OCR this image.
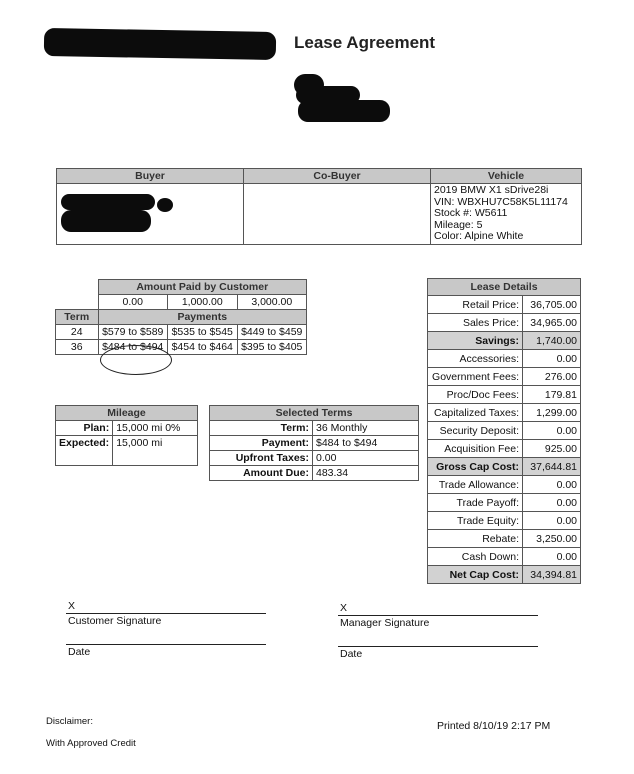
Lease Agreement
Buyer	Co-Buyer	Vehicle

		2019 BMW X1 sDrive28i
VIN: WBXHU7C58K5L11174
Stock #: W5611
Mileage: 5
Color: Alpine White
	Amount Paid by Customer		
	0.00	1,000.00	3,000.00
Term	Payments		
24	$579 to $589	$535 to $545	$449 to $459
36	$484 to $494	$454 to $464	$395 to $405
Mileage	
Plan:	15,000 mi 0%
Expected:	15,000 mi
Selected Terms	
Term:	36 Monthly
Payment:	$484 to $494
Upfront Taxes:	0.00
Amount Due:	483.34
Lease Details	
Retail Price:	36,705.00
Sales Price:	34,965.00
Savings:	1,740.00
Accessories:	0.00
Government Fees:	276.00
Proc/Doc Fees:	179.81
Capitalized Taxes:	1,299.00
Security Deposit:	0.00
Acquisition Fee:	925.00
Gross Cap Cost:	37,644.81
Trade Allowance:	0.00
Trade Payoff:	0.00
Trade Equity:	0.00
Rebate:	3,250.00
Cash Down:	0.00
Net Cap Cost:	34,394.81
X
Customer Signature
Date
X
Manager Signature
Date
Disclaimer:
With Approved Credit
Printed 8/10/19 2:17 PM
